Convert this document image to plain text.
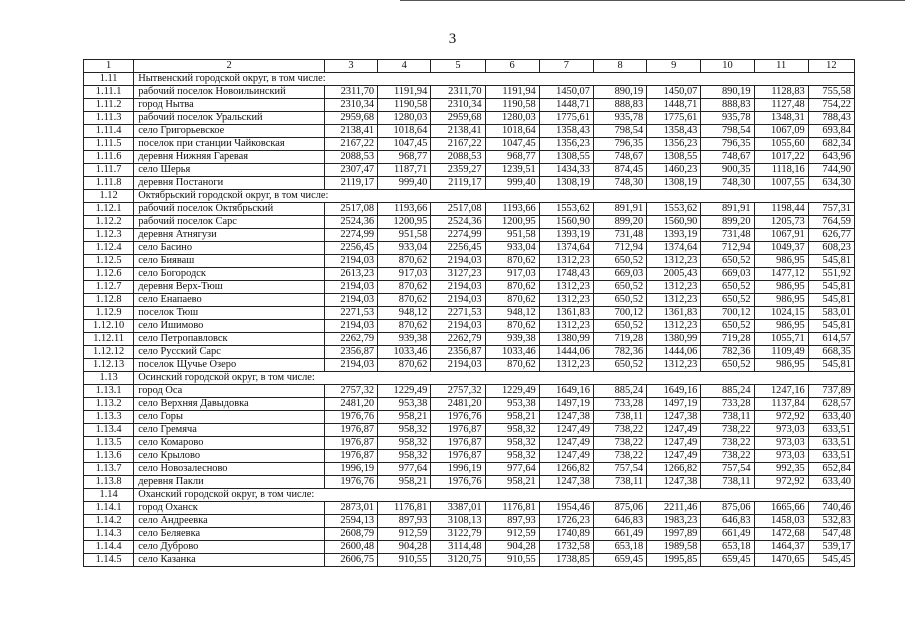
3
1	2	3	4	5	6	7	8	9	10	11	12
1.11	Нытвенский городской округ, в том числе:										
1.11.1	рабочий поселок Новоильинский	2311,70	1191,94	2311,70	1191,94	1450,07	890,19	1450,07	890,19	1128,83	755,58
1.11.2	город Нытва	2310,34	1190,58	2310,34	1190,58	1448,71	888,83	1448,71	888,83	1127,48	754,22
1.11.3	рабочий поселок Уральский	2959,68	1280,03	2959,68	1280,03	1775,61	935,78	1775,61	935,78	1348,31	788,43
1.11.4	село Григорьевское	2138,41	1018,64	2138,41	1018,64	1358,43	798,54	1358,43	798,54	1067,09	693,84
1.11.5	поселок при станции Чайковская	2167,22	1047,45	2167,22	1047,45	1356,23	796,35	1356,23	796,35	1055,60	682,34
1.11.6	деревня Нижняя Гаревая	2088,53	968,77	2088,53	968,77	1308,55	748,67	1308,55	748,67	1017,22	643,96
1.11.7	село Шерья	2307,47	1187,71	2359,27	1239,51	1434,33	874,45	1460,23	900,35	1118,16	744,90
1.11.8	деревня Постаноги	2119,17	999,40	2119,17	999,40	1308,19	748,30	1308,19	748,30	1007,55	634,30
1.12	Октябрьский городской округ, в том числе:										
1.12.1	рабочий поселок Октябрьский	2517,08	1193,66	2517,08	1193,66	1553,62	891,91	1553,62	891,91	1198,44	757,31
1.12.2	рабочий поселок Сарс	2524,36	1200,95	2524,36	1200,95	1560,90	899,20	1560,90	899,20	1205,73	764,59
1.12.3	деревня Атнягузи	2274,99	951,58	2274,99	951,58	1393,19	731,48	1393,19	731,48	1067,91	626,77
1.12.4	село Басино	2256,45	933,04	2256,45	933,04	1374,64	712,94	1374,64	712,94	1049,37	608,23
1.12.5	село Бияваш	2194,03	870,62	2194,03	870,62	1312,23	650,52	1312,23	650,52	986,95	545,81
1.12.6	село Богородск	2613,23	917,03	3127,23	917,03	1748,43	669,03	2005,43	669,03	1477,12	551,92
1.12.7	деревня Верх-Тюш	2194,03	870,62	2194,03	870,62	1312,23	650,52	1312,23	650,52	986,95	545,81
1.12.8	село Енапаево	2194,03	870,62	2194,03	870,62	1312,23	650,52	1312,23	650,52	986,95	545,81
1.12.9	поселок Тюш	2271,53	948,12	2271,53	948,12	1361,83	700,12	1361,83	700,12	1024,15	583,01
1.12.10	село Ишимово	2194,03	870,62	2194,03	870,62	1312,23	650,52	1312,23	650,52	986,95	545,81
1.12.11	село Петропавловск	2262,79	939,38	2262,79	939,38	1380,99	719,28	1380,99	719,28	1055,71	614,57
1.12.12	село Русский Сарс	2356,87	1033,46	2356,87	1033,46	1444,06	782,36	1444,06	782,36	1109,49	668,35
1.12.13	поселок Щучье Озеро	2194,03	870,62	2194,03	870,62	1312,23	650,52	1312,23	650,52	986,95	545,81
1.13	Осинский городской округ, в том числе:										
1.13.1	город Оса	2757,32	1229,49	2757,32	1229,49	1649,16	885,24	1649,16	885,24	1247,16	737,89
1.13.2	село Верхняя Давыдовка	2481,20	953,38	2481,20	953,38	1497,19	733,28	1497,19	733,28	1137,84	628,57
1.13.3	село Горы	1976,76	958,21	1976,76	958,21	1247,38	738,11	1247,38	738,11	972,92	633,40
1.13.4	село Гремяча	1976,87	958,32	1976,87	958,32	1247,49	738,22	1247,49	738,22	973,03	633,51
1.13.5	село Комарово	1976,87	958,32	1976,87	958,32	1247,49	738,22	1247,49	738,22	973,03	633,51
1.13.6	село Крылово	1976,87	958,32	1976,87	958,32	1247,49	738,22	1247,49	738,22	973,03	633,51
1.13.7	село Новозалесново	1996,19	977,64	1996,19	977,64	1266,82	757,54	1266,82	757,54	992,35	652,84
1.13.8	деревня Пакли	1976,76	958,21	1976,76	958,21	1247,38	738,11	1247,38	738,11	972,92	633,40
1.14	Оханский городской округ, в том числе:										
1.14.1	город Оханск	2873,01	1176,81	3387,01	1176,81	1954,46	875,06	2211,46	875,06	1665,66	740,46
1.14.2	село Андреевка	2594,13	897,93	3108,13	897,93	1726,23	646,83	1983,23	646,83	1458,03	532,83
1.14.3	село Беляевка	2608,79	912,59	3122,79	912,59	1740,89	661,49	1997,89	661,49	1472,68	547,48
1.14.4	село Дуброво	2600,48	904,28	3114,48	904,28	1732,58	653,18	1989,58	653,18	1464,37	539,17
1.14.5	село Казанка	2606,75	910,55	3120,75	910,55	1738,85	659,45	1995,85	659,45	1470,65	545,45
